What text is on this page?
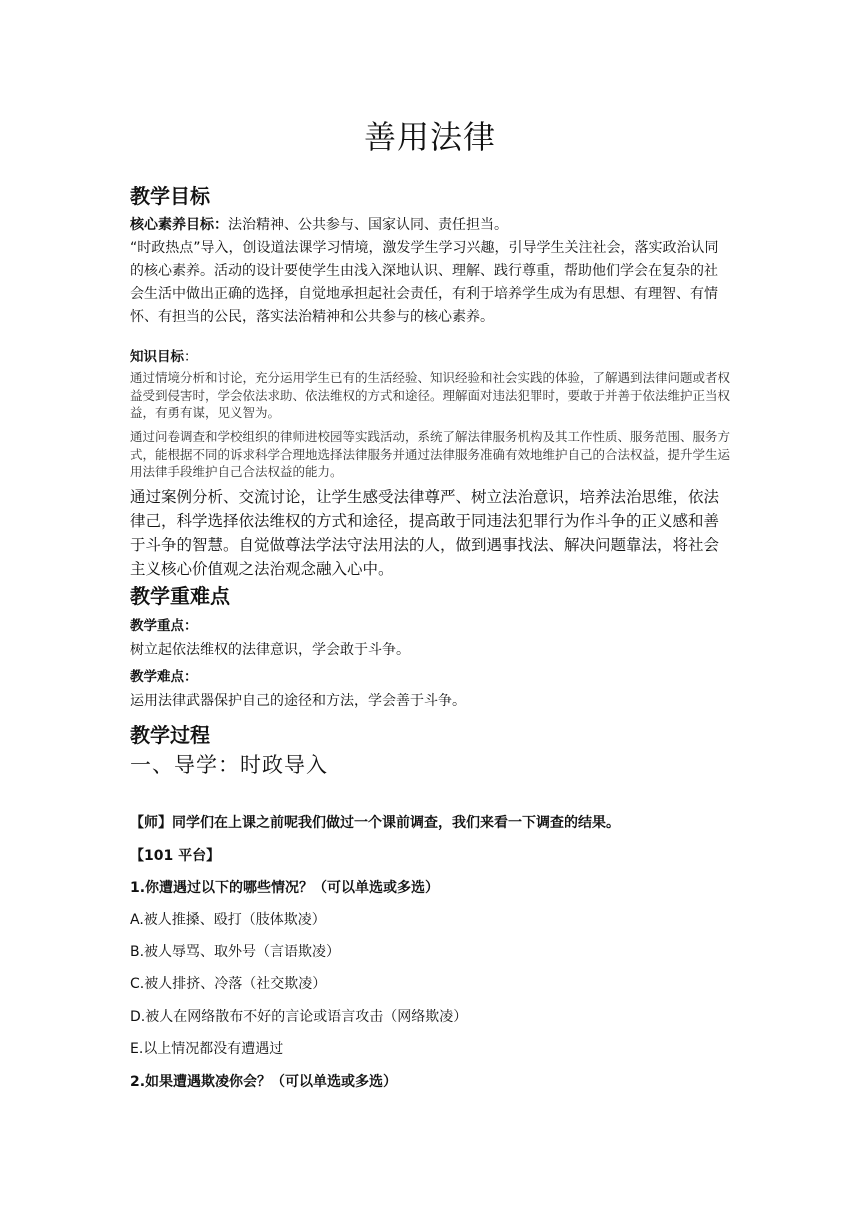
善用法律
教学目标

核心素养目标：法治精神、公共参与、国家认同、责任担当。

“时政热点”导入，创设道法课学习情境，激发学生学习兴趣，引导学生关注社会，落实政治认同的核心素养。活动的设计要使学生由浅入深地认识、理解、践行尊重，帮助他们学会在复杂的社会生活中做出正确的选择，自觉地承担起社会责任，有利于培养学生成为有思想、有理智、有情怀、有担当的公民，落实法治精神和公共参与的核心素养。

知识目标：

通过情境分析和讨论，充分运用学生已有的生活经验、知识经验和社会实践的体验，了解遇到法律问题或者权益受到侵害时，学会依法求助、依法维权的方式和途径。理解面对违法犯罪时，要敢于并善于依法维护正当权益，有勇有谋，见义智为。

通过问卷调查和学校组织的律师进校园等实践活动，系统了解法律服务机构及其工作性质、服务范围、服务方式，能根据不同的诉求科学合理地选择法律服务并通过法律服务准确有效地维护自己的合法权益，提升学生运用法律手段维护自己合法权益的能力。

通过案例分析、交流讨论，让学生感受法律尊严、树立法治意识，培养法治思维，依法律己，科学选择依法维权的方式和途径，提高敢于同违法犯罪行为作斗争的正义感和善于斗争的智慧。自觉做尊法学法守法用法的人，做到遇事找法、解决问题靠法，将社会主义核心价值观之法治观念融入心中。

教学重难点

教学重点：

树立起依法维权的法律意识，学会敢于斗争。

教学难点：

运用法律武器保护自己的途径和方法，学会善于斗争。

教学过程

一、导学：时政导入

【师】同学们在上课之前呢我们做过一个课前调查，我们来看一下调查的结果。

【101 平台】

1.你遭遇过以下的哪些情况？（可以单选或多选）

A.被人推搡、殴打（肢体欺凌）

B.被人辱骂、取外号（言语欺凌）

C.被人排挤、冷落（社交欺凌）

D.被人在网络散布不好的言论或语言攻击（网络欺凌）

E.以上情况都没有遭遇过

2.如果遭遇欺凌你会？（可以单选或多选）
